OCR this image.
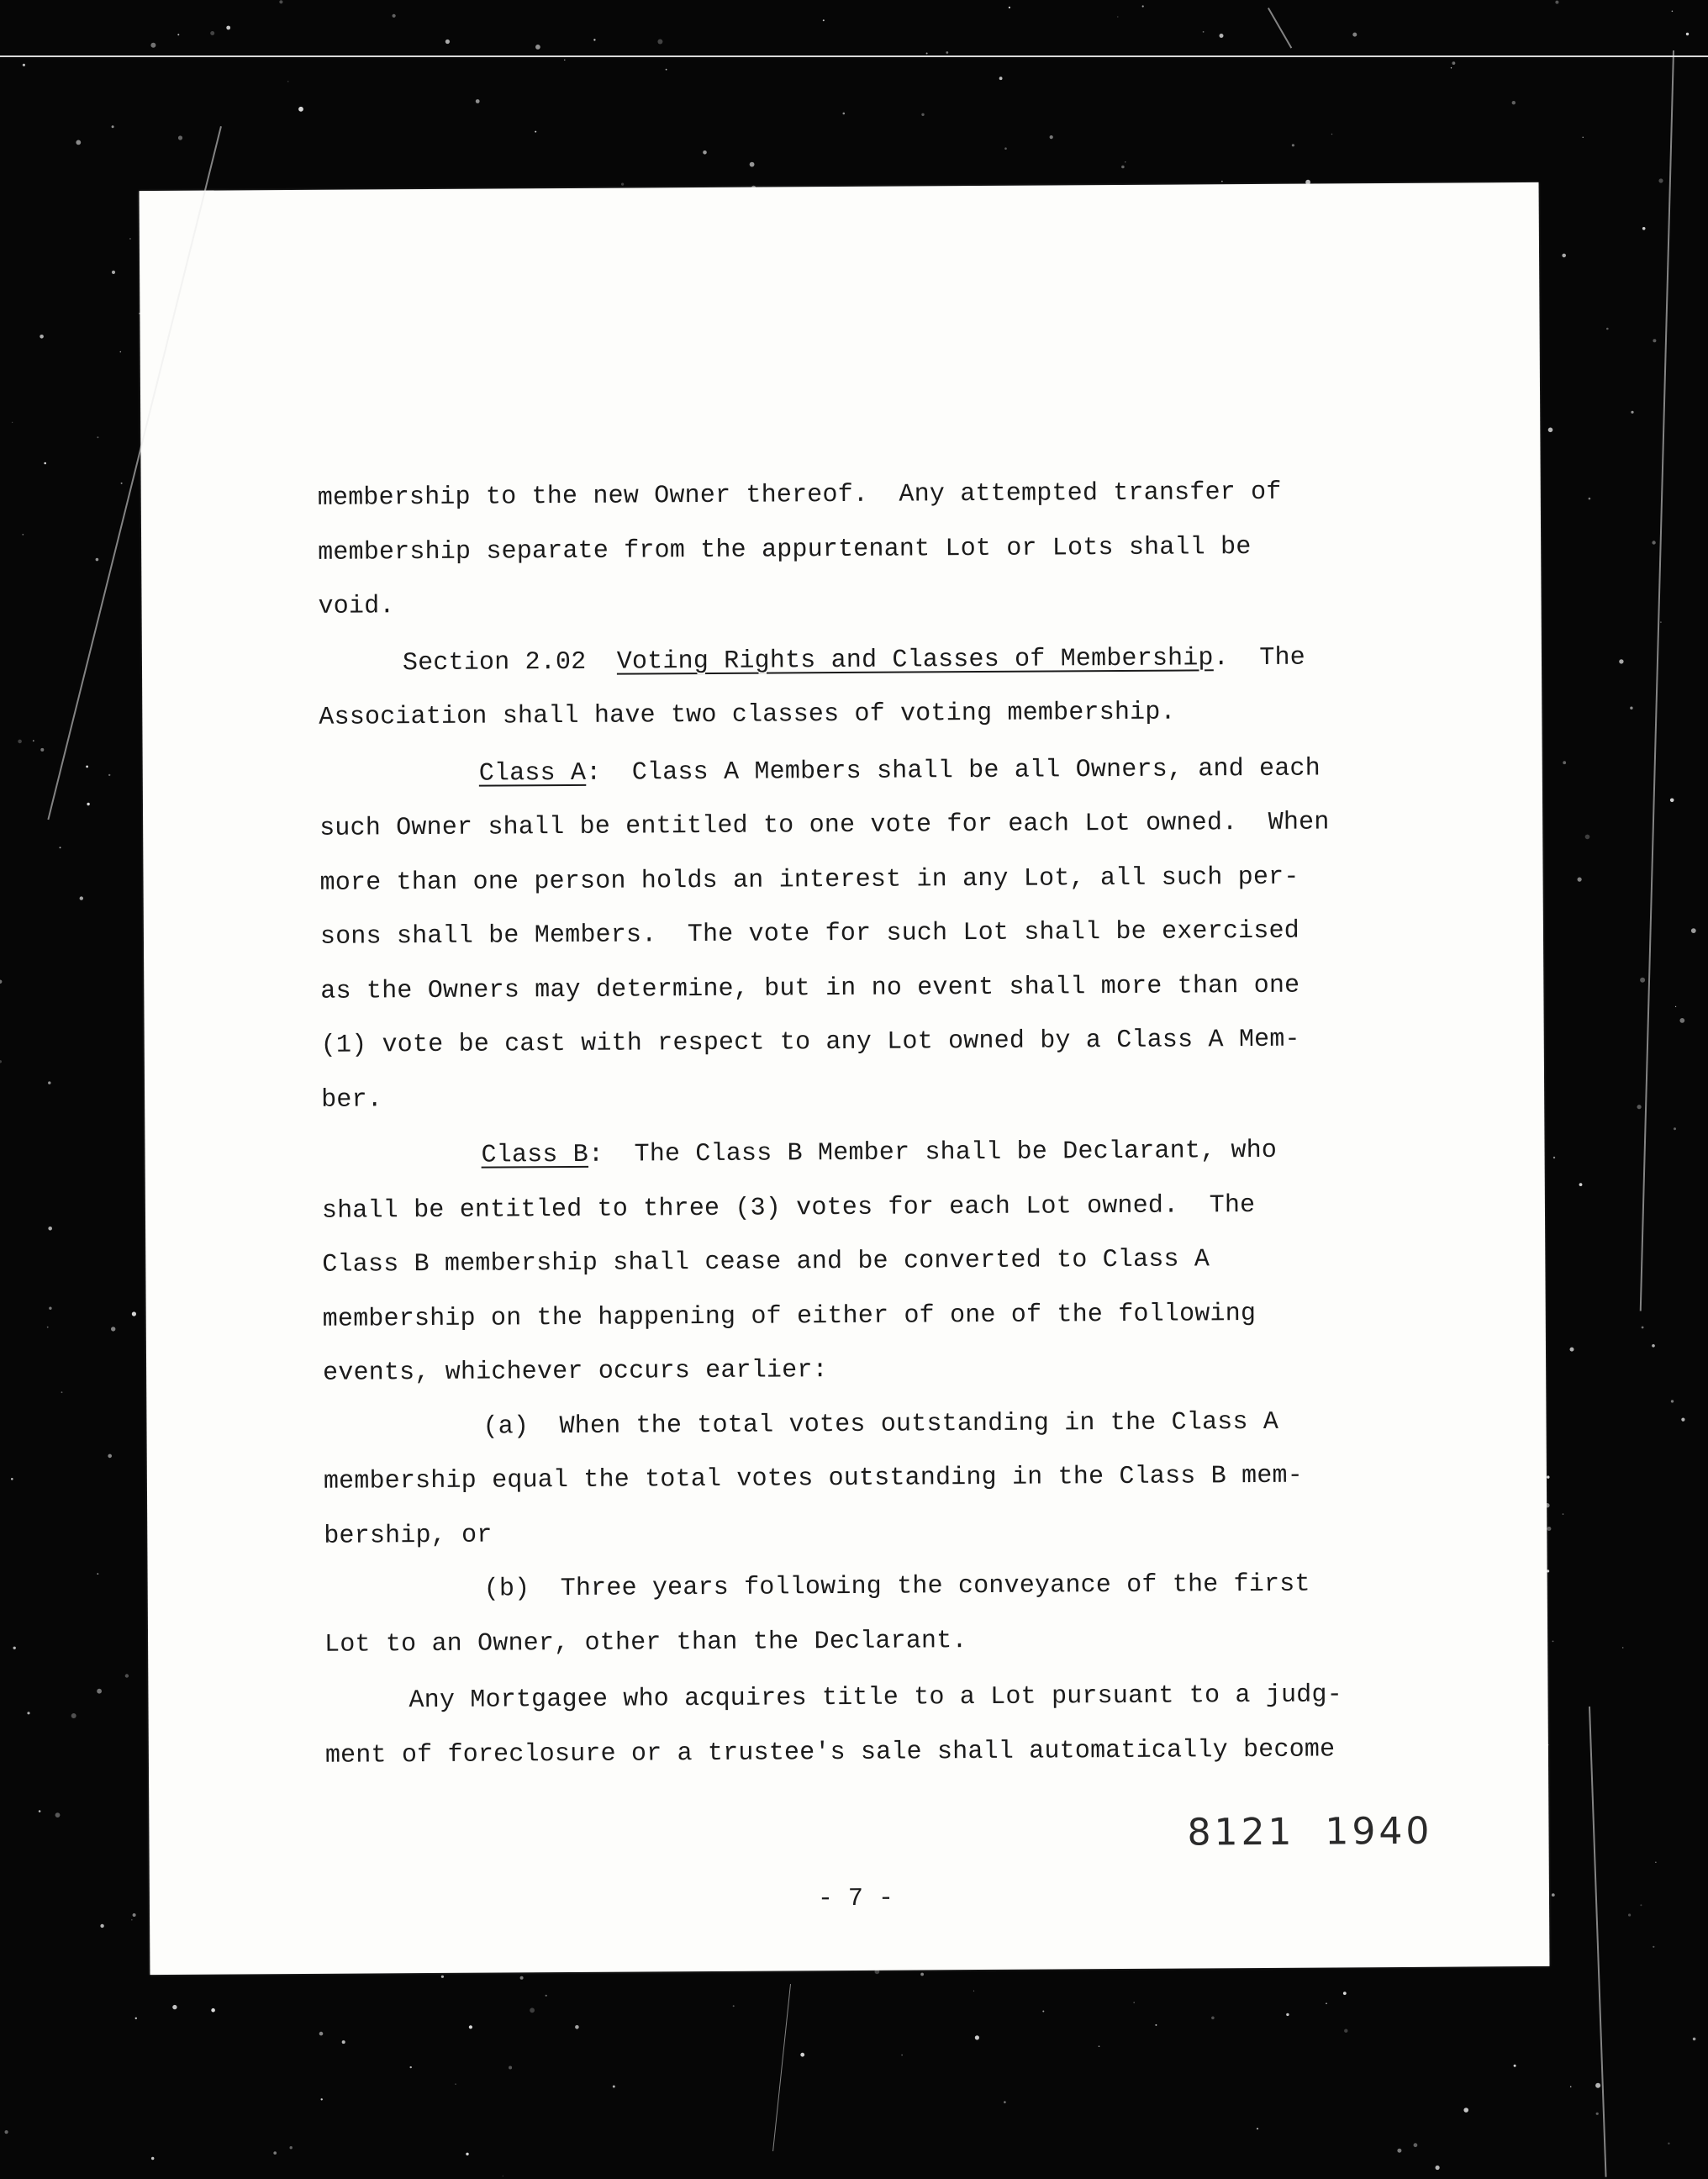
membership to the new Owner thereof.  Any attempted transfer of
membership separate from the appurtenant Lot or Lots shall be
void.
Section 2.02  Voting Rights and Classes of Membership.  The
Association shall have two classes of voting membership.
Class A:  Class A Members shall be all Owners, and each
such Owner shall be entitled to one vote for each Lot owned.  When
more than one person holds an interest in any Lot, all such per-
sons shall be Members.  The vote for such Lot shall be exercised
as the Owners may determine, but in no event shall more than one
(1) vote be cast with respect to any Lot owned by a Class A Mem-
ber.
Class B:  The Class B Member shall be Declarant, who
shall be entitled to three (3) votes for each Lot owned.  The
Class B membership shall cease and be converted to Class A
membership on the happening of either of one of the following
events, whichever occurs earlier:
(a)  When the total votes outstanding in the Class A
membership equal the total votes outstanding in the Class B mem-
bership, or
(b)  Three years following the conveyance of the first
Lot to an Owner, other than the Declarant.
Any Mortgagee who acquires title to a Lot pursuant to a judg-
ment of foreclosure or a trustee's sale shall automatically become
8121  1940
- 7 -
